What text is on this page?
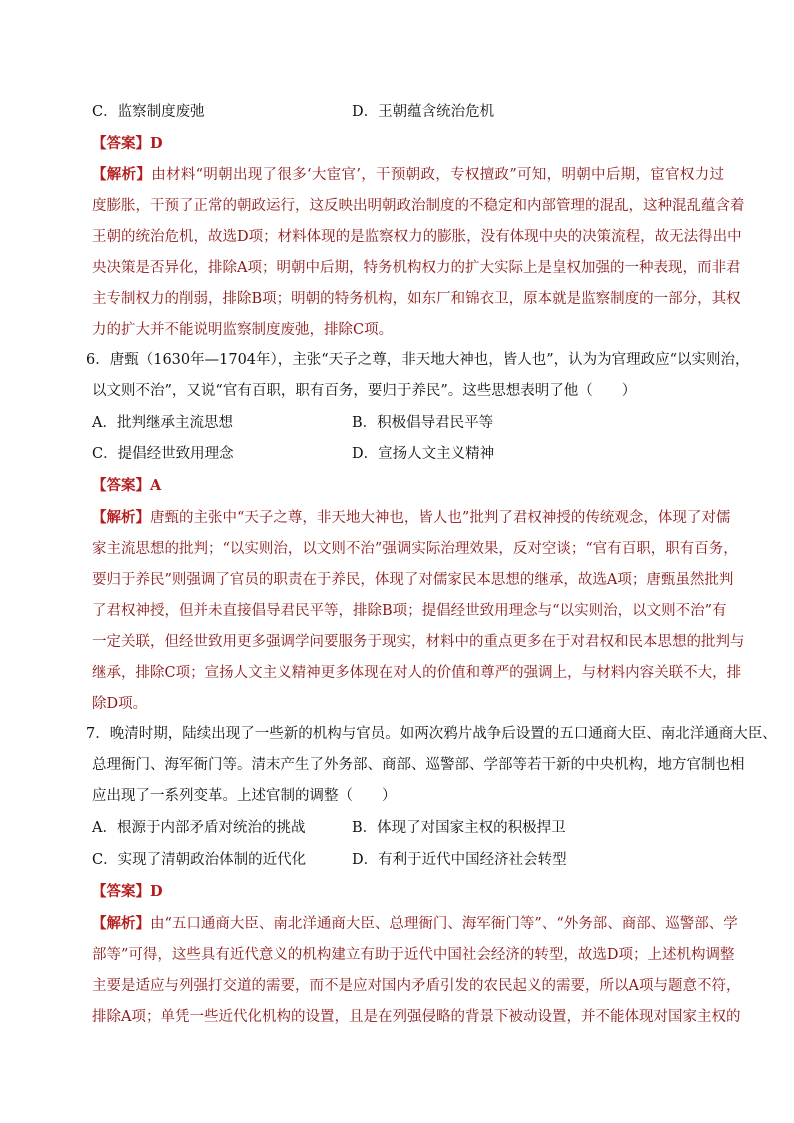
C．监察制度废弛	D．王朝蕴含统治危机
【答案】D

【解析】由材料“明朝出现了很多‘大宦官’，干预朝政，专权擅政”可知，明朝中后期，宦官权力过

度膨胀，干预了正常的朝政运行，这反映出明朝政治制度的不稳定和内部管理的混乱，这种混乱蕴含着

王朝的统治危机，故选D项；材料体现的是监察权力的膨胀，没有体现中央的决策流程，故无法得出中

央决策是否异化，排除A项；明朝中后期，特务机构权力的扩大实际上是皇权加强的一种表现，而非君

主专制权力的削弱，排除B项；明朝的特务机构，如东厂和锦衣卫，原本就是监察制度的一部分，其权

力的扩大并不能说明监察制度废弛，排除C项。

6．唐甄（1630年—1704年），主张“天子之尊，非天地大神也，皆人也”，认为为官理政应“以实则治，

以文则不治”，又说“官有百职，职有百务，要归于养民”。这些思想表明了他（　　）

A．批判继承主流思想	B．积极倡导君民平等
C．提倡经世致用理念	D．宣扬人文主义精神
【答案】A

【解析】唐甄的主张中“天子之尊，非天地大神也，皆人也”批判了君权神授的传统观念，体现了对儒

家主流思想的批判；“以实则治，以文则不治”强调实际治理效果，反对空谈；“官有百职，职有百务，

要归于养民”则强调了官员的职责在于养民，体现了对儒家民本思想的继承，故选A项；唐甄虽然批判

了君权神授，但并未直接倡导君民平等，排除B项；提倡经世致用理念与“以实则治，以文则不治”有

一定关联，但经世致用更多强调学问要服务于现实，材料中的重点更多在于对君权和民本思想的批判与

继承，排除C项；宣扬人文主义精神更多体现在对人的价值和尊严的强调上，与材料内容关联不大，排

除D项。

7．晚清时期，陆续出现了一些新的机构与官员。如两次鸦片战争后设置的五口通商大臣、南北洋通商大臣、

总理衙门、海军衙门等。清末产生了外务部、商部、巡警部、学部等若干新的中央机构，地方官制也相

应出现了一系列变革。上述官制的调整（　　）

A．根源于内部矛盾对统治的挑战	B．体现了对国家主权的积极捍卫
C．实现了清朝政治体制的近代化	D．有利于近代中国经济社会转型
【答案】D

【解析】由“五口通商大臣、南北洋通商大臣、总理衙门、海军衙门等”、“外务部、商部、巡警部、学

部等”可得，这些具有近代意义的机构建立有助于近代中国社会经济的转型，故选D项；上述机构调整

主要是适应与列强打交道的需要，而不是应对国内矛盾引发的农民起义的需要，所以A项与题意不符，

排除A项；单凭一些近代化机构的设置，且是在列强侵略的背景下被动设置，并不能体现对国家主权的
